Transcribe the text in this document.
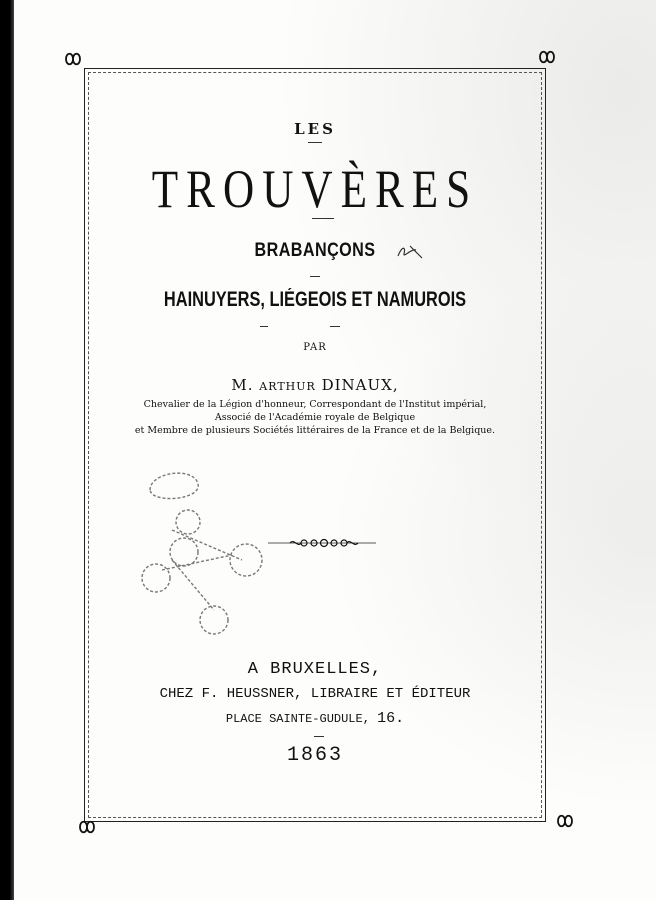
LES
TROUVÈRES
BRABANÇONS
HAINUYERS, LIÉGEOIS ET NAMUROIS
PAR
M. ARTHUR DINAUX,
Chevalier de la Légion d'honneur, Correspondant de l'Institut impérial,
Associé de l'Académie royale de Belgique
et Membre de plusieurs Sociétés littéraires de la France et de la Belgique.
A BRUXELLES,
CHEZ F. HEUSSNER, LIBRAIRE ET ÉDITEUR
PLACE SAINTE-GUDULE, 16.
1863
